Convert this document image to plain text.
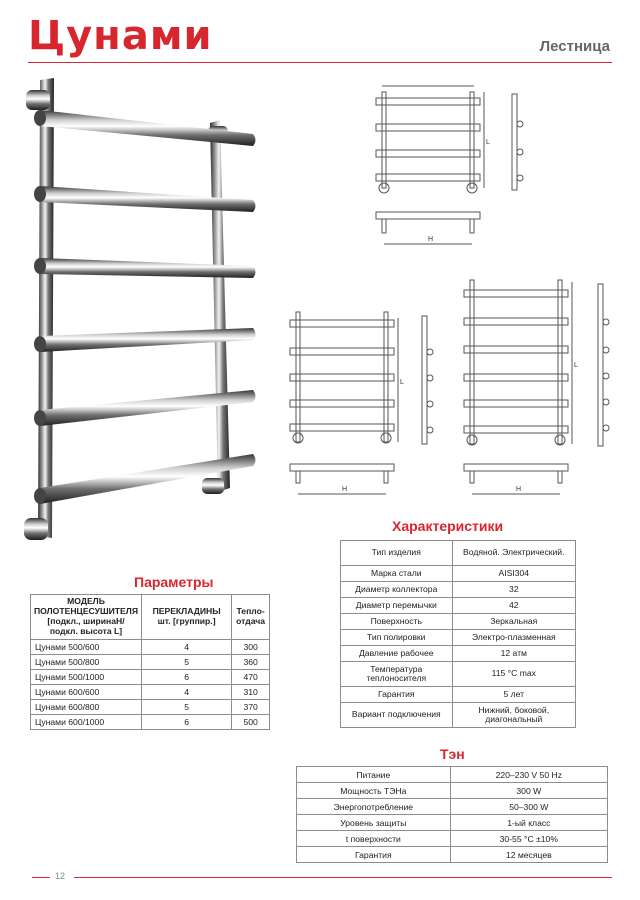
Цунами	Лестница
H
L
H
L
H
L
Параметры
МОДЕЛЬ ПОЛОТЕНЦЕСУШИТЕЛЯ [подкл., ширинаН/ подкл. высота L]	ПЕРЕКЛАДИНЫ шт. [группир.]	Тепло-отдача
Цунами 500/600	4	300
Цунами 500/800	5	360
Цунами 500/1000	6	470
Цунами 600/600	4	310
Цунами 600/800	5	370
Цунами 600/1000	6	500
Характеристики
Тип изделия	Водяной. Электрический.
Марка стали	AISI304
Диаметр коллектора	32
Диаметр перемычки	42
Поверхность	Зеркальная
Тип полировки	Электро-плазменная
Давление рабочее	12 атм
Температура теплоносителя	115 °C max
Гарантия	5 лет
Вариант подключения	Нижний, боковой, диагональный
Тэн
Питание	220–230 V 50 Hz
Мощность ТЭНа	300 W
Энергопотребление	50–300 W
Уровень защиты	1-ый класс
t поверхности	30-55 °C ±10%
Гарантия	12 месяцев
12
